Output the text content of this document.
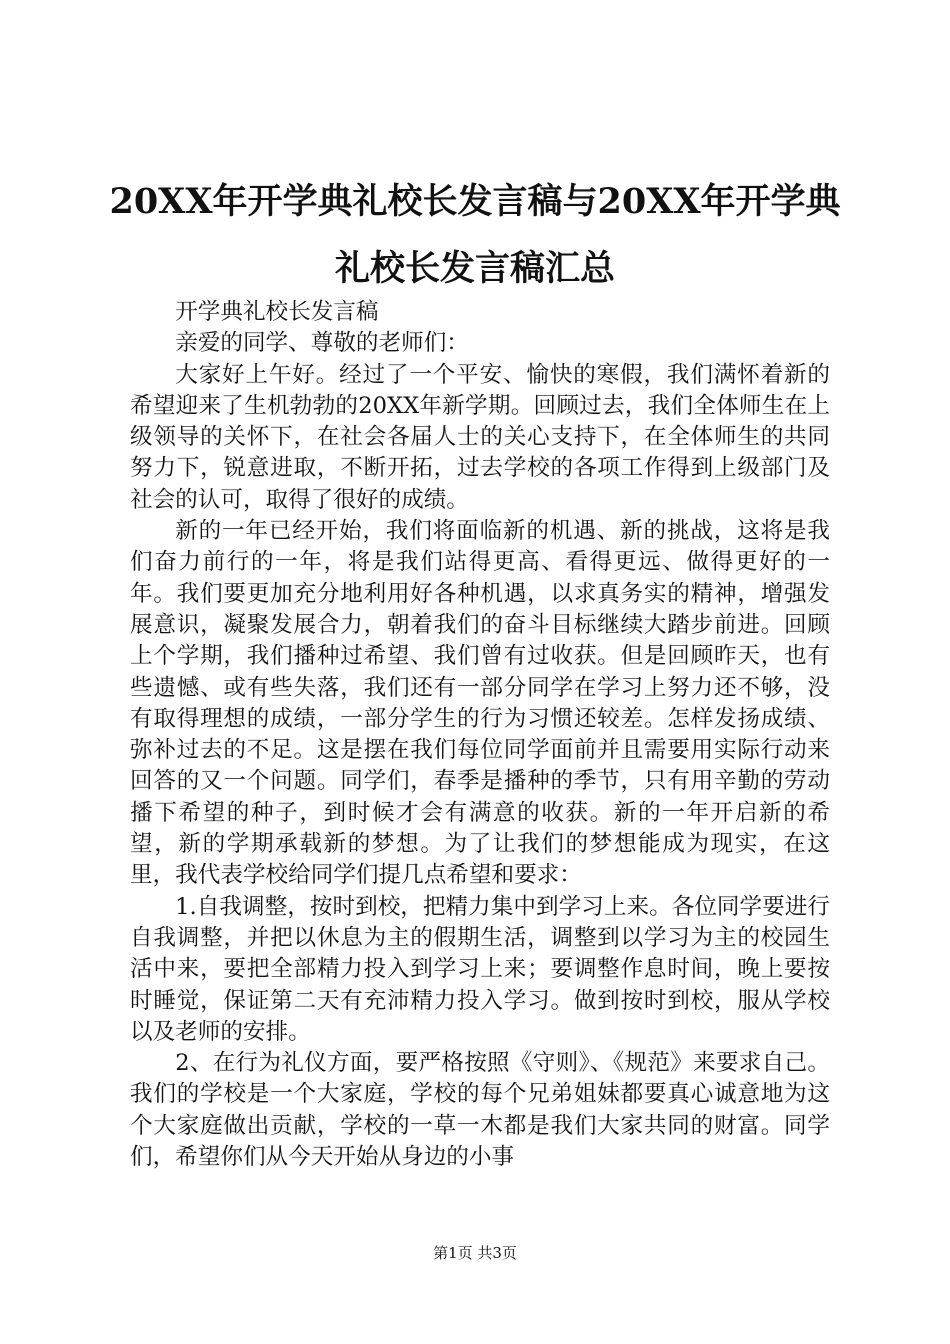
20XX年开学典礼校长发言稿与20XX年开学典礼校长发言稿汇总

开学典礼校长发言稿

亲爱的同学、尊敬的老师们：

大家好上午好。经过了一个平安、愉快的寒假，我们满怀着新的希望迎来了生机勃勃的20XX年新学期。回顾过去，我们全体师生在上级领导的关怀下，在社会各届人士的关心支持下，在全体师生的共同努力下，锐意进取，不断开拓，过去学校的各项工作得到上级部门及社会的认可，取得了很好的成绩。

新的一年已经开始，我们将面临新的机遇、新的挑战，这将是我们奋力前行的一年，将是我们站得更高、看得更远、做得更好的一年。我们要更加充分地利用好各种机遇，以求真务实的精神，增强发展意识，凝聚发展合力，朝着我们的奋斗目标继续大踏步前进。回顾上个学期，我们播种过希望、我们曾有过收获。但是回顾昨天，也有些遗憾、或有些失落，我们还有一部分同学在学习上努力还不够，没有取得理想的成绩，一部分学生的行为习惯还较差。怎样发扬成绩、弥补过去的不足。这是摆在我们每位同学面前并且需要用实际行动来回答的又一个问题。同学们，春季是播种的季节，只有用辛勤的劳动播下希望的种子，到时候才会有满意的收获。新的一年开启新的希望，新的学期承载新的梦想。为了让我们的梦想能成为现实，在这里，我代表学校给同学们提几点希望和要求：

1.自我调整，按时到校，把精力集中到学习上来。各位同学要进行自我调整，并把以休息为主的假期生活，调整到以学习为主的校园生活中来，要把全部精力投入到学习上来；要调整作息时间，晚上要按时睡觉，保证第二天有充沛精力投入学习。做到按时到校，服从学校以及老师的安排。

2、在行为礼仪方面，要严格按照《守则》、《规范》来要求自己。我们的学校是一个大家庭，学校的每个兄弟姐妹都要真心诚意地为这个大家庭做出贡献，学校的一草一木都是我们大家共同的财富。同学们，希望你们从今天开始从身边的小事

第1页 共3页
